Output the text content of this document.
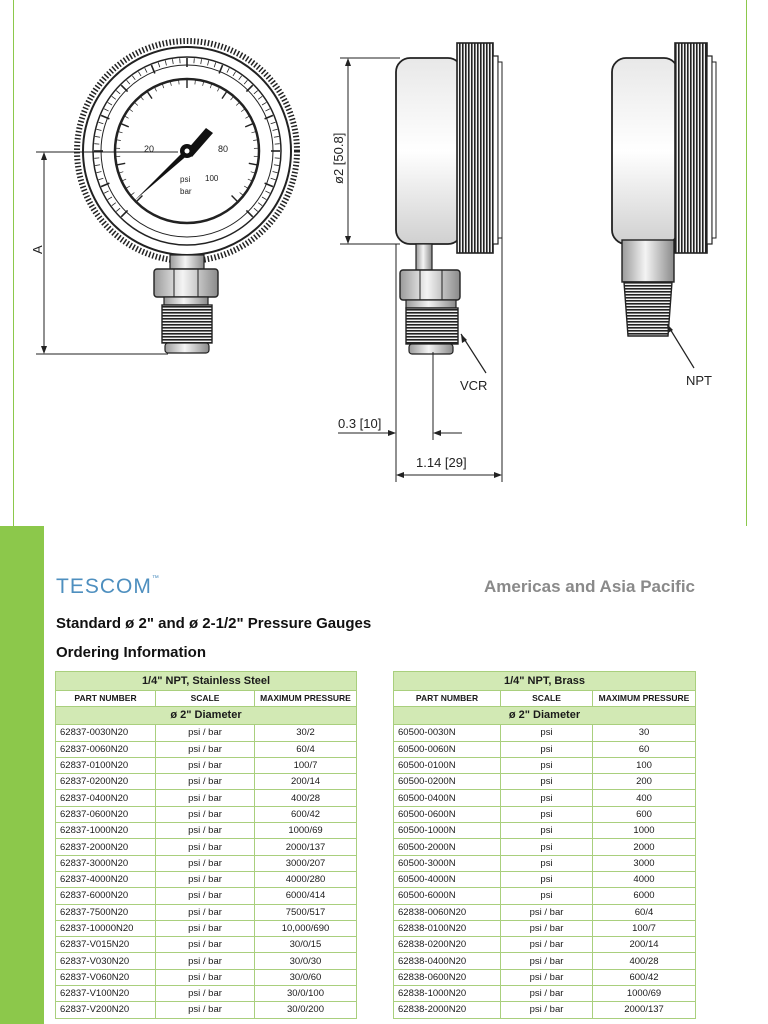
20	80
100
psi
bar
A
ø2 [50.8]
VCR
0.3 [10]
1.14 [29]
NPT
TESCOM™	Americas and Asia Pacific
Standard ø 2" and ø 2-1/2" Pressure Gauges
Ordering Information
1/4" NPT, Stainless Steel		
PART NUMBER	SCALE	MAXIMUM PRESSURE
ø 2" Diameter		
62837-0030N20	psi / bar	30/2
62837-0060N20	psi / bar	60/4
62837-0100N20	psi / bar	100/7
62837-0200N20	psi / bar	200/14
62837-0400N20	psi / bar	400/28
62837-0600N20	psi / bar	600/42
62837-1000N20	psi / bar	1000/69
62837-2000N20	psi / bar	2000/137
62837-3000N20	psi / bar	3000/207
62837-4000N20	psi / bar	4000/280
62837-6000N20	psi / bar	6000/414
62837-7500N20	psi / bar	7500/517
62837-10000N20	psi / bar	10,000/690
62837-V015N20	psi / bar	30/0/15
62837-V030N20	psi / bar	30/0/30
62837-V060N20	psi / bar	30/0/60
62837-V100N20	psi / bar	30/0/100
62837-V200N20	psi / bar	30/0/200
1/4" NPT, Brass		
PART NUMBER	SCALE	MAXIMUM PRESSURE
ø 2" Diameter		
60500-0030N	psi	30
60500-0060N	psi	60
60500-0100N	psi	100
60500-0200N	psi	200
60500-0400N	psi	400
60500-0600N	psi	600
60500-1000N	psi	1000
60500-2000N	psi	2000
60500-3000N	psi	3000
60500-4000N	psi	4000
60500-6000N	psi	6000
62838-0060N20	psi / bar	60/4
62838-0100N20	psi / bar	100/7
62838-0200N20	psi / bar	200/14
62838-0400N20	psi / bar	400/28
62838-0600N20	psi / bar	600/42
62838-1000N20	psi / bar	1000/69
62838-2000N20	psi / bar	2000/137
